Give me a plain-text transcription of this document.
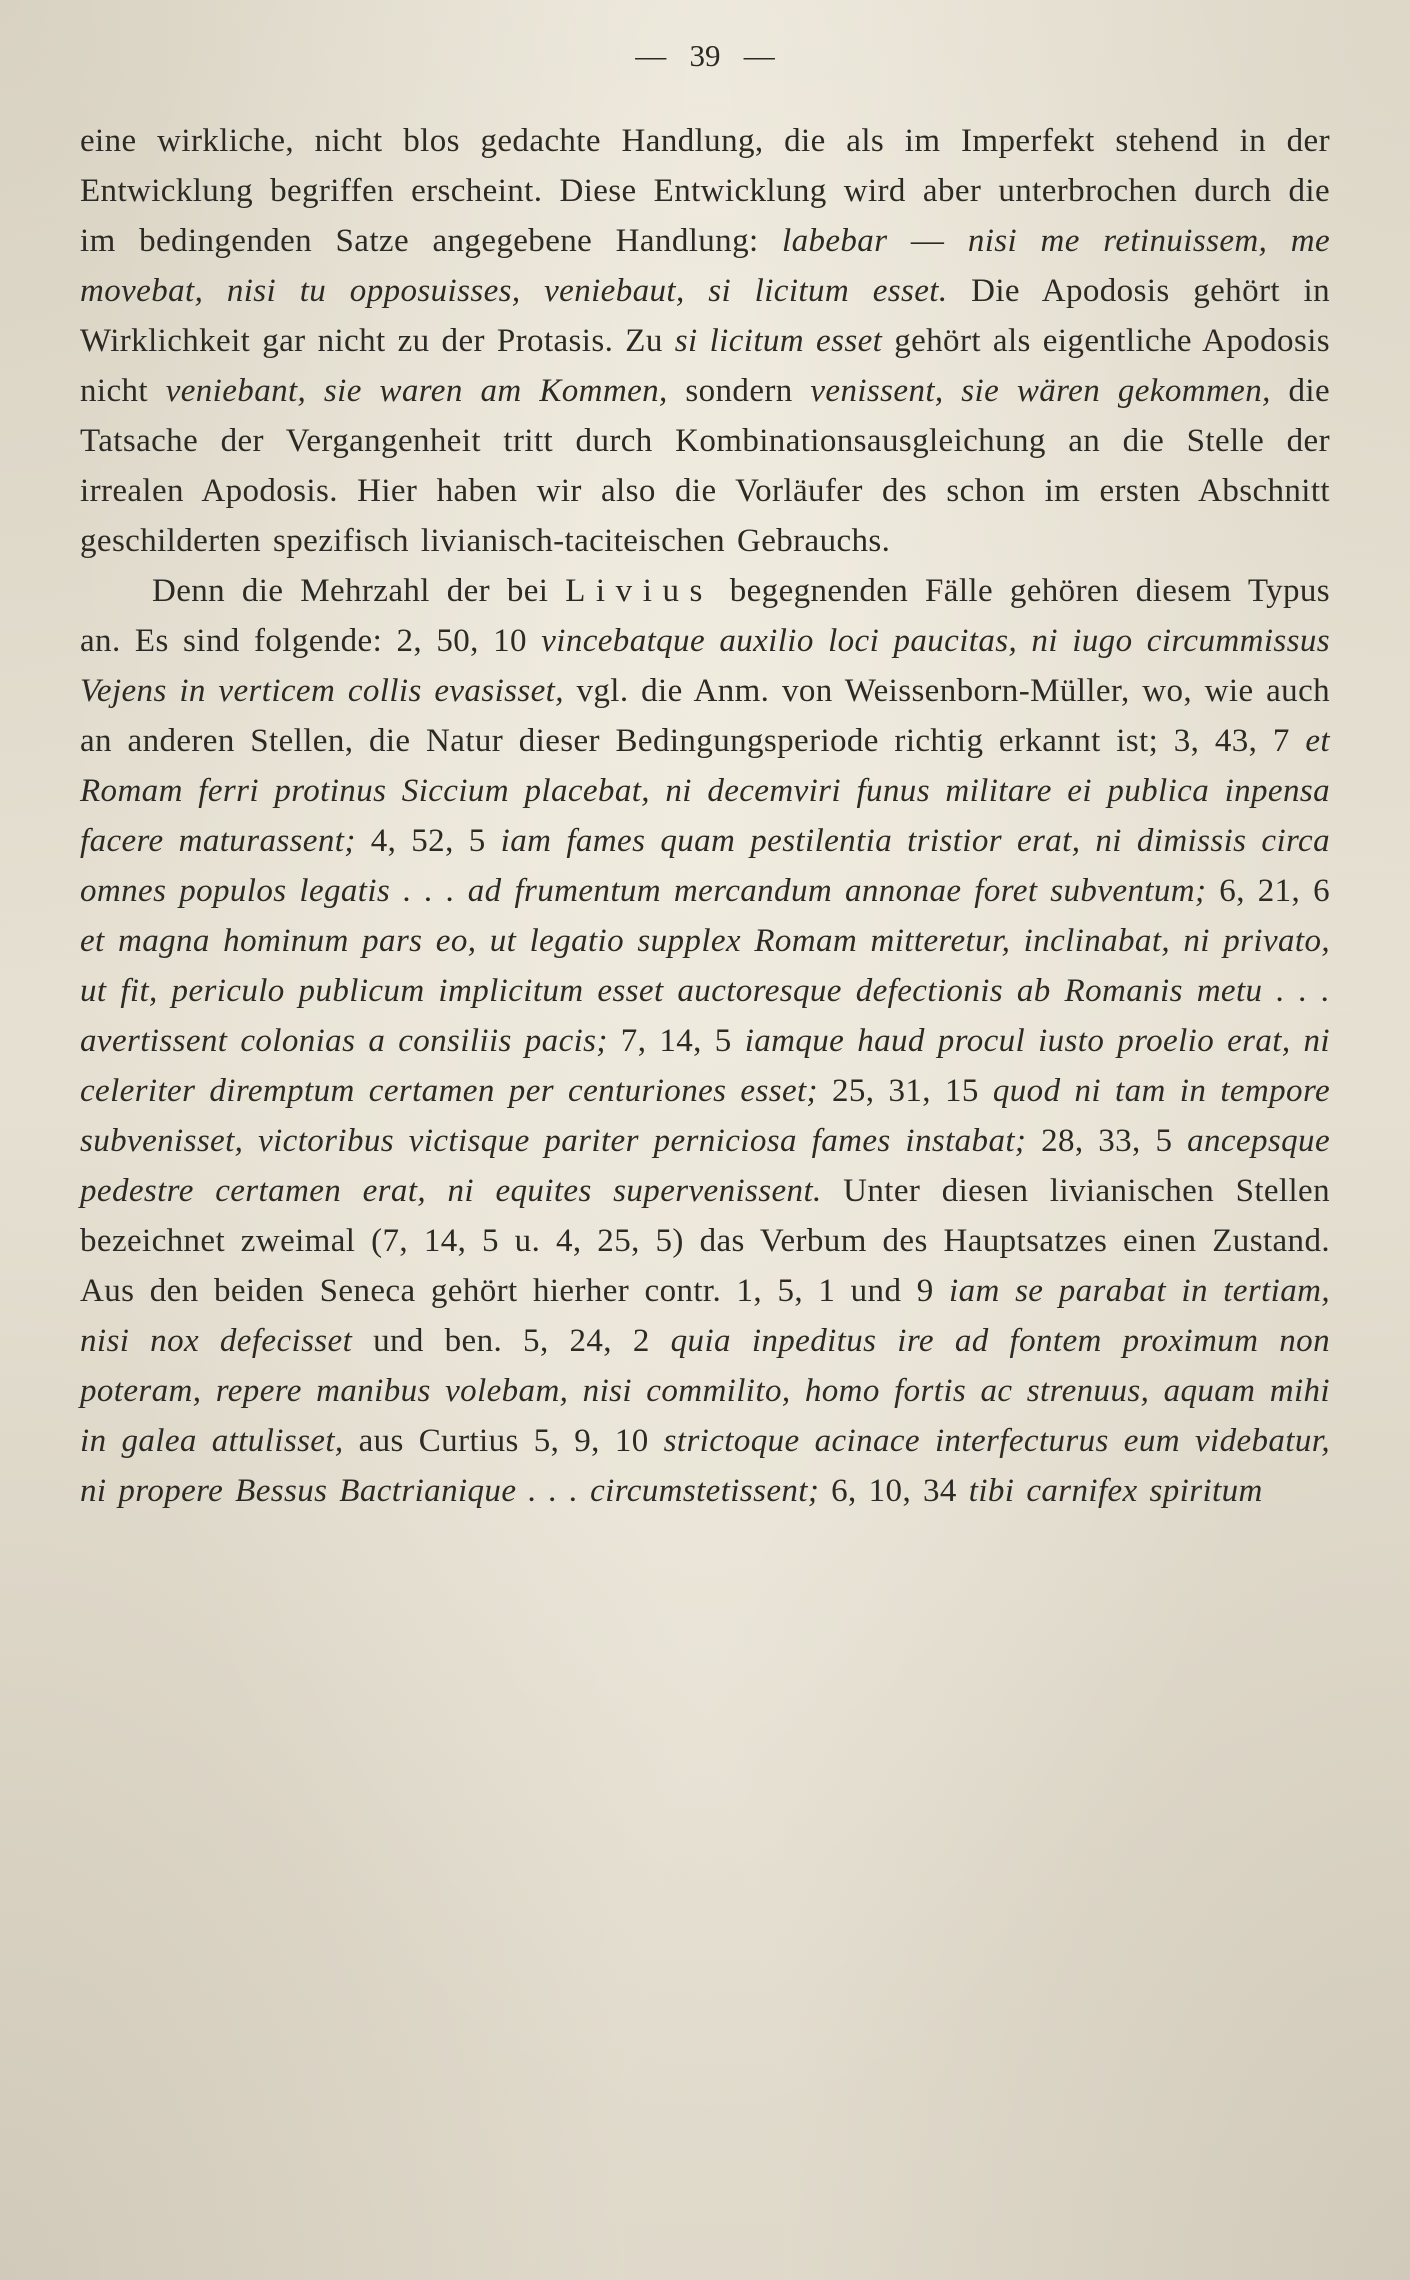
—   39   —

eine wirkliche, nicht blos gedachte Handlung, die als im Imperfekt stehend in der Entwicklung begriffen erscheint. Diese Entwicklung wird aber unterbrochen durch die im bedingenden Satze angegebene Handlung: labebar — nisi me retinuissem, me movebat, nisi tu opposuisses, veniebaut, si licitum esset. Die Apodosis gehört in Wirklichkeit gar nicht zu der Protasis. Zu si licitum esset gehört als eigentliche Apodosis nicht veniebant, sie waren am Kommen, sondern venissent, sie wären gekommen, die Tatsache der Vergangenheit tritt durch Kombinationsausgleichung an die Stelle der irrealen Apodosis. Hier haben wir also die Vorläufer des schon im ersten Abschnitt geschilderten spezifisch livianisch-taciteischen Gebrauchs.

Denn die Mehrzahl der bei Livius begegnenden Fälle gehören diesem Typus an. Es sind folgende: 2, 50, 10 vincebatque auxilio loci paucitas, ni iugo circummissus Vejens in verticem collis evasisset, vgl. die Anm. von Weissenborn-Müller, wo, wie auch an anderen Stellen, die Natur dieser Bedingungsperiode richtig erkannt ist; 3, 43, 7 et Romam ferri protinus Siccium placebat, ni decemviri funus militare ei publica inpensa facere maturassent; 4, 52, 5 iam fames quam pestilentia tristior erat, ni dimissis circa omnes populos legatis . . . ad frumentum mercandum annonae foret subventum; 6, 21, 6 et magna hominum pars eo, ut legatio supplex Romam mitteretur, inclinabat, ni privato, ut fit, periculo publicum implicitum esset auctoresque defectionis ab Romanis metu . . . avertissent colonias a consiliis pacis; 7, 14, 5 iamque haud procul iusto proelio erat, ni celeriter diremptum certamen per centuriones esset; 25, 31, 15 quod ni tam in tempore subvenisset, victoribus victisque pariter perniciosa fames instabat; 28, 33, 5 ancepsque pedestre certamen erat, ni equites supervenissent. Unter diesen livianischen Stellen bezeichnet zweimal (7, 14, 5 u. 4, 25, 5) das Verbum des Hauptsatzes einen Zustand. Aus den beiden Seneca gehört hierher contr. 1, 5, 1 und 9 iam se parabat in tertiam, nisi nox defecisset und ben. 5, 24, 2 quia inpeditus ire ad fontem proximum non poteram, repere manibus volebam, nisi commilito, homo fortis ac strenuus, aquam mihi in galea attulisset, aus Curtius 5, 9, 10 strictoque acinace interfecturus eum videbatur, ni propere Bessus Bactrianique . . . circumstetissent; 6, 10, 34 tibi carnifex spiritum
